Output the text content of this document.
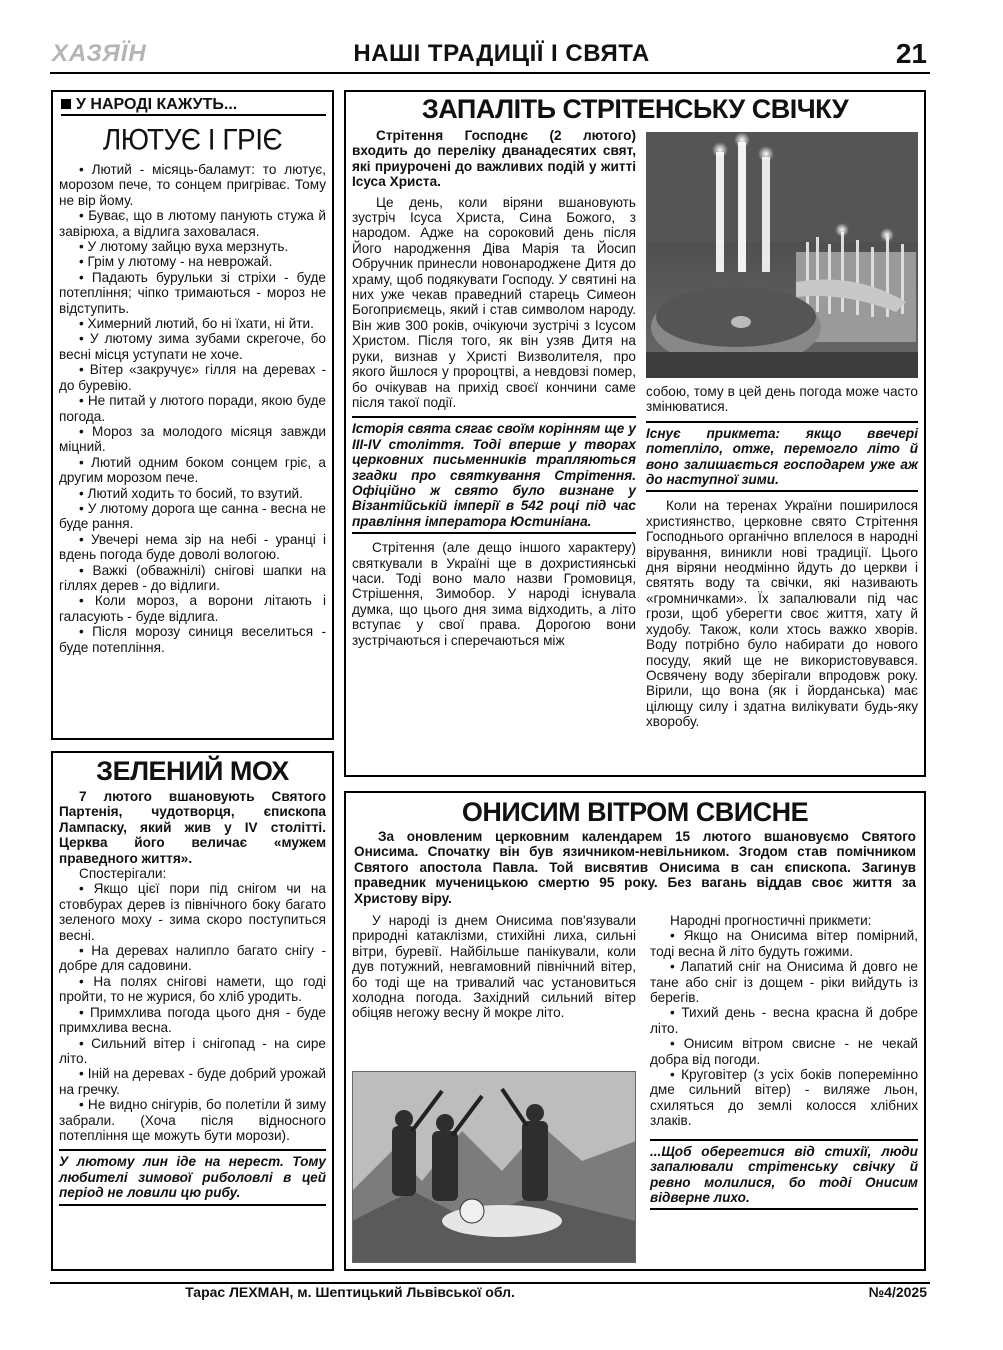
ХАЗЯЇН	НАШІ ТРАДИЦІЇ І СВЯТА	21
У НАРОДІ КАЖУТЬ...
ЛЮТУЄ І ГРІЄ

• Лютий - місяць-баламут: то лютує, морозом пече, то сонцем пригріває. Тому не вір йому.

• Буває, що в лютому панують стужа й завірюха, а відлига заховалася.

• У лютому зайцю вуха мерзнуть.

• Грім у лютому - на неврожай.

• Падають бурульки зі стріхи - буде потепління; чіпко тримаються - мороз не відступить.

• Химерний лютий, бо ні їхати, ні йти.

• У лютому зима зубами скрегоче, бо весні місця уступати не хоче.

• Вітер «закручує» гілля на деревах - до буревію.

• Не питай у лютого поради, якою буде погода.

• Мороз за молодого місяця завжди міцний.

• Лютий одним боком сонцем гріє, а другим морозом пече.

• Лютий ходить то босий, то взутий.

• У лютому дорога ще санна - весна не буде рання.

• Увечері нема зір на небі - уранці і вдень погода буде доволі вологою.

• Важкі (обважнілі) снігові шапки на гіллях дерев - до відлиги.

• Коли мороз, а ворони літають і галасують - буде відлига.

• Після морозу синиця веселиться - буде потепління.

ЗЕЛЕНИЙ МОХ

7 лютого вшановують Святого Партенія, чудотворця, єпископа Лампаску, який жив у IV столітті. Церква його величає «мужем праведного життя».

Спостерігали:

• Якщо цієї пори під снігом чи на стовбурах дерев із північного боку багато зеленого моху - зима скоро поступиться весні.

• На деревах налипло багато снігу - добре для садовини.

• На полях снігові намети, що годі пройти, то не журися, бо хліб уродить.

• Примхлива погода цього дня - буде примхлива весна.

• Сильний вітер і снігопад - на сире літо.

• Іній на деревах - буде добрий урожай на гречку.

• Не видно снігурів, бо полетіли й зиму забрали. (Хоча після відносного потепління ще можуть бути морози).

У лютому лин іде на нерест. Тому любителі зимової риболовлі в цей період не ловили цю рибу.

ЗАПАЛІТЬ СТРІТЕНСЬКУ СВІЧКУ

Стрітення Господнє (2 лютого) входить до переліку дванадесятих свят, які приурочені до важливих подій у житті Ісуса Христа.

Це день, коли віряни вшановують зустріч Ісуса Христа, Сина Божого, з народом. Адже на сороковий день після Його народження Діва Марія та Йосип Обручник принесли новонароджене Дитя до храму, щоб подякувати Господу. У святині на них уже чекав праведний старець Симеон Богоприємець, який і став символом народу. Він жив 300 років, очікуючи зустрічі з Ісусом Христом. Після того, як він узяв Дитя на руки, визнав у Христі Визволителя, про якого йшлося у пророцтві, а невдовзі помер, бо очікував на прихід своєї кончини саме після такої події.

Історія свята сягає своїм корінням ще у III-IV століття. Тоді вперше у творах церковних письменників трапляються згадки про святкування Стрітення. Офіційно ж свято було визнане у Візантійській імперії в 542 році під час правління імператора Юстиніана.

Стрітення (але дещо іншого характеру) святкували в Україні ще в дохристиянські часи. Тоді воно мало назви Громовиця, Стрішення, Зимобор. У народі існувала думка, що цього дня зима відходить, а літо вступає у свої права. Дорогою вони зустрічаються і сперечаються між

собою, тому в цей день погода може часто змінюватися.

Існує прикмета: якщо ввечері потепліло, отже, перемогло літо й воно залишається господарем уже аж до наступної зими.

Коли на теренах України поширилося християнство, церковне свято Стрітення Господнього органічно вплелося в народні вірування, виникли нові традиції. Цього дня віряни неодмінно йдуть до церкви і святять воду та свічки, які називають «громничками». Їх запалювали під час грози, щоб уберегти своє життя, хату й худобу. Також, коли хтось важко хворів. Воду потрібно було набирати до нового посуду, який ще не використовувався. Освячену воду зберігали впродовж року. Вірили, що вона (як і йорданська) має цілющу силу і здатна вилікувати будь-яку хворобу.

ОНИСИМ ВІТРОМ СВИСНЕ

За оновленим церковним календарем 15 лютого вшановуємо Святого Онисима. Спочатку він був язичником-невільником. Згодом став помічником Святого апостола Павла. Той висвятив Онисима в сан єпископа. Загинув праведник мученицькою смертю 95 року. Без вагань віддав своє життя за Христову віру.

У народі із днем Онисима пов'язували природні катаклізми, стихійні лиха, сильні вітри, буревії. Найбільше панікували, коли дув потужний, невгамовний північний вітер, бо тоді ще на тривалий час установиться холодна погода. Західний сильний вітер обіцяв негожу весну й мокре літо.

Народні прогностичні прикмети:

• Якщо на Онисима вітер помірний, тоді весна й літо будуть гожими.

• Лапатий сніг на Онисима й довго не тане або сніг із дощем - ріки вийдуть із берегів.

• Тихий день - весна красна й добре літо.

• Онисим вітром свисне - не чекай добра від погоди.

• Круговітер (з усіх боків поперемінно дме сильний вітер) - виляже льон, схиляться до землі колосся хлібних злаків.

...Щоб оберегтися від стихії, люди запалювали стрітенську свічку й ревно молилися, бо тоді Онисим відверне лихо.

Тарас ЛЕХМАН, м. Шептицький Львівської обл.	№4/2025
